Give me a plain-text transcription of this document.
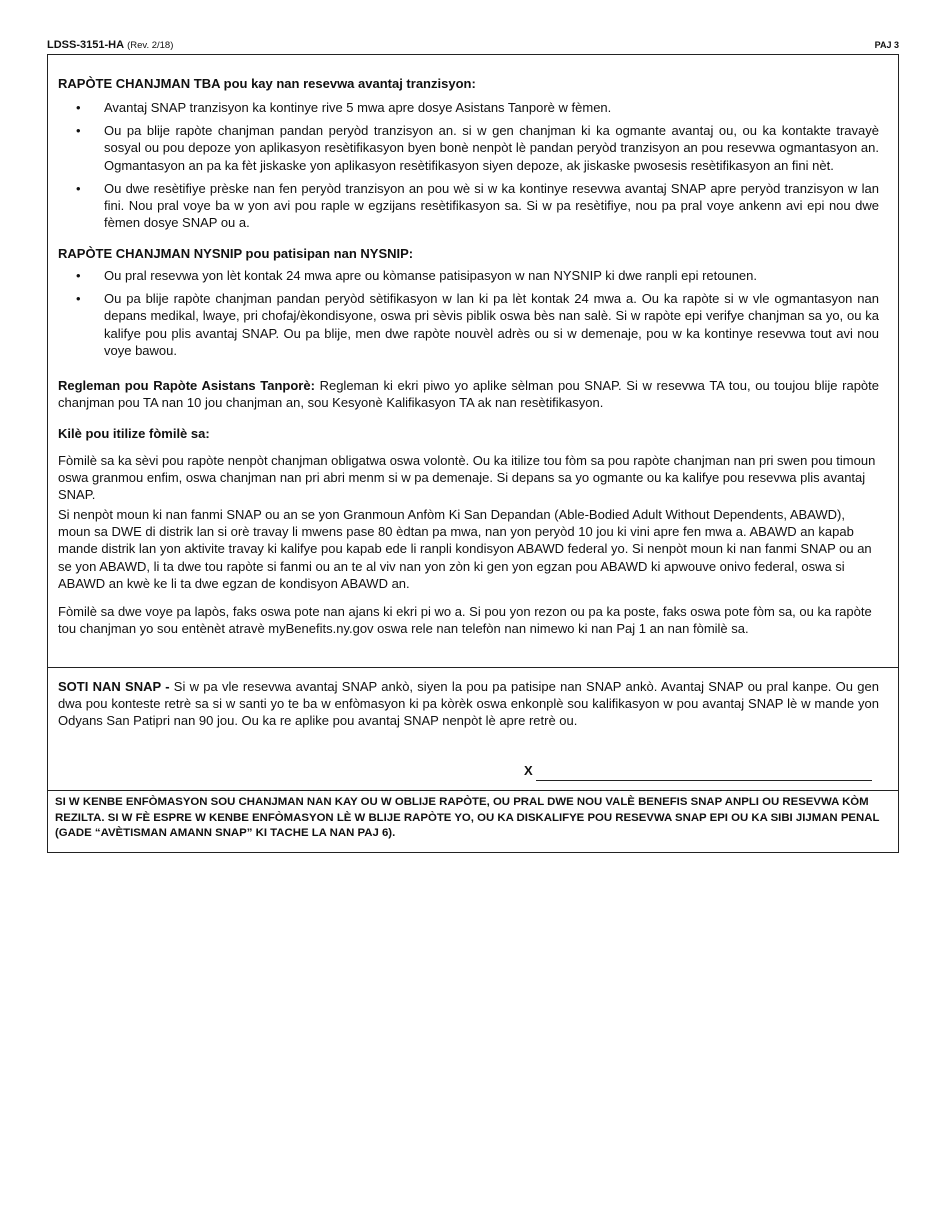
LDSS-3151-HA (Rev. 2/18)	PAJ 3
RAPÒTE CHANJMAN TBA pou kay nan resevwa avantaj tranzisyon:
• Avantaj SNAP tranzisyon ka kontinye rive 5 mwa apre dosye Asistans Tanporè w fèmen.
• Ou pa blije rapòte chanjman pandan peryòd tranzisyon an. si w gen chanjman ki ka ogmante avantaj ou, ou ka kontakte travayè sosyal ou pou depoze yon aplikasyon resètifikasyon byen bonè nenpòt lè pandan peryòd tranzisyon an pou resevwa ogmantasyon an. Ogmantasyon an pa ka fèt jiskaske yon aplikasyon resètifikasyon siyen depoze, ak jiskaske pwosesis resètifikasyon an fini nèt.
• Ou dwe resètifiye prèske nan fen peryòd tranzisyon an pou wè si w ka kontinye resevwa avantaj SNAP apre peryòd tranzisyon w lan fini. Nou pral voye ba w yon avi pou raple w egzijans resètifikasyon sa. Si w pa resètifiye, nou pa pral voye ankenn avi epi nou dwe fèmen dosye SNAP ou a.
RAPÒTE CHANJMAN NYSNIP pou patisipan nan NYSNIP:
• Ou pral resevwa yon lèt kontak 24 mwa apre ou kòmanse patisipasyon w nan NYSNIP ki dwe ranpli epi retounen.
• Ou pa blije rapòte chanjman pandan peryòd sètifikasyon w lan ki pa lèt kontak 24 mwa a. Ou ka rapòte si w vle ogmantasyon nan depans medikal, lwaye, pri chofaj/èkondisyone, oswa pri sèvis piblik oswa bès nan salè. Si w rapòte epi verifye chanjman sa yo, ou ka kalifye pou plis avantaj SNAP. Ou pa blije, men dwe rapòte nouvèl adrès ou si w demenaje, pou w ka kontinye resevwa tout avi nou voye bawou.
Regleman pou Rapòte Asistans Tanporè: Regleman ki ekri piwo yo aplike sèlman pou SNAP. Si w resevwa TA tou, ou toujou blije rapòte chanjman pou TA nan 10 jou chanjman an, sou Kesyonè Kalifikasyon TA ak nan resètifikasyon.
Kilè pou itilize fòmilè sa:
Fòmilè sa ka sèvi pou rapòte nenpòt chanjman obligatwa oswa volontè. Ou ka itilize tou fòm sa pou rapòte chanjman nan pri swen pou timoun oswa granmou enfim, oswa chanjman nan pri abri menm si w pa demenaje. Si depans sa yo ogmante ou ka kalifye pou resevwa plis avantaj SNAP.
Si nenpòt moun ki nan fanmi SNAP ou an se yon Granmoun Anfòm Ki San Depandan (Able-Bodied Adult Without Dependents, ABAWD), moun sa DWE di distrik lan si orè travay li mwens pase 80 èdtan pa mwa, nan yon peryòd 10 jou ki vini apre fen mwa a. ABAWD an kapab mande distrik lan yon aktivite travay ki kalifye pou kapab ede li ranpli kondisyon ABAWD federal yo. Si nenpòt moun ki nan fanmi SNAP ou an se yon ABAWD, li ta dwe tou rapòte si fanmi ou an te al viv nan yon zòn ki gen yon egzan pou ABAWD ki apwouve onivo federal, oswa si ABAWD an kwè ke li ta dwe egzan de kondisyon ABAWD an.
Fòmilè sa dwe voye pa lapòs, faks oswa pote nan ajans ki ekri pi wo a. Si pou yon rezon ou pa ka poste, faks oswa pote fòm sa, ou ka rapòte tou chanjman yo sou entènèt atravè myBenefits.ny.gov oswa rele nan telefòn nan nimewo ki nan Paj 1 an nan fòmilè sa.
SOTI NAN SNAP - Si w pa vle resevwa avantaj SNAP ankò, siyen la pou pa patisipe nan SNAP ankò. Avantaj SNAP ou pral kanpe. Ou gen dwa pou konteste retrè sa si w santi yo te ba w enfòmasyon ki pa kòrèk oswa enkonplè sou kalifikasyon w pou avantaj SNAP lè w mande yon Odyans San Patipri nan 90 jou. Ou ka re aplike pou avantaj SNAP nenpòt lè apre retrè ou.
X
SI W KENBE ENFÒMASYON SOU CHANJMAN NAN KAY OU W OBLIJE RAPÒTE, OU PRAL DWE NOU VALÈ BENEFIS SNAP ANPLI OU RESEVWA KÒM REZILTA. SI W FÈ ESPRE W KENBE ENFÒMASYON LÈ W BLIJE RAPÒTE YO, OU KA DISKALIFYE POU RESEVWA SNAP EPI OU KA SIBI JIJMAN PENAL (GADE “AVÈTISMAN AMANN SNAP” KI TACHE LA NAN PAJ 6).
